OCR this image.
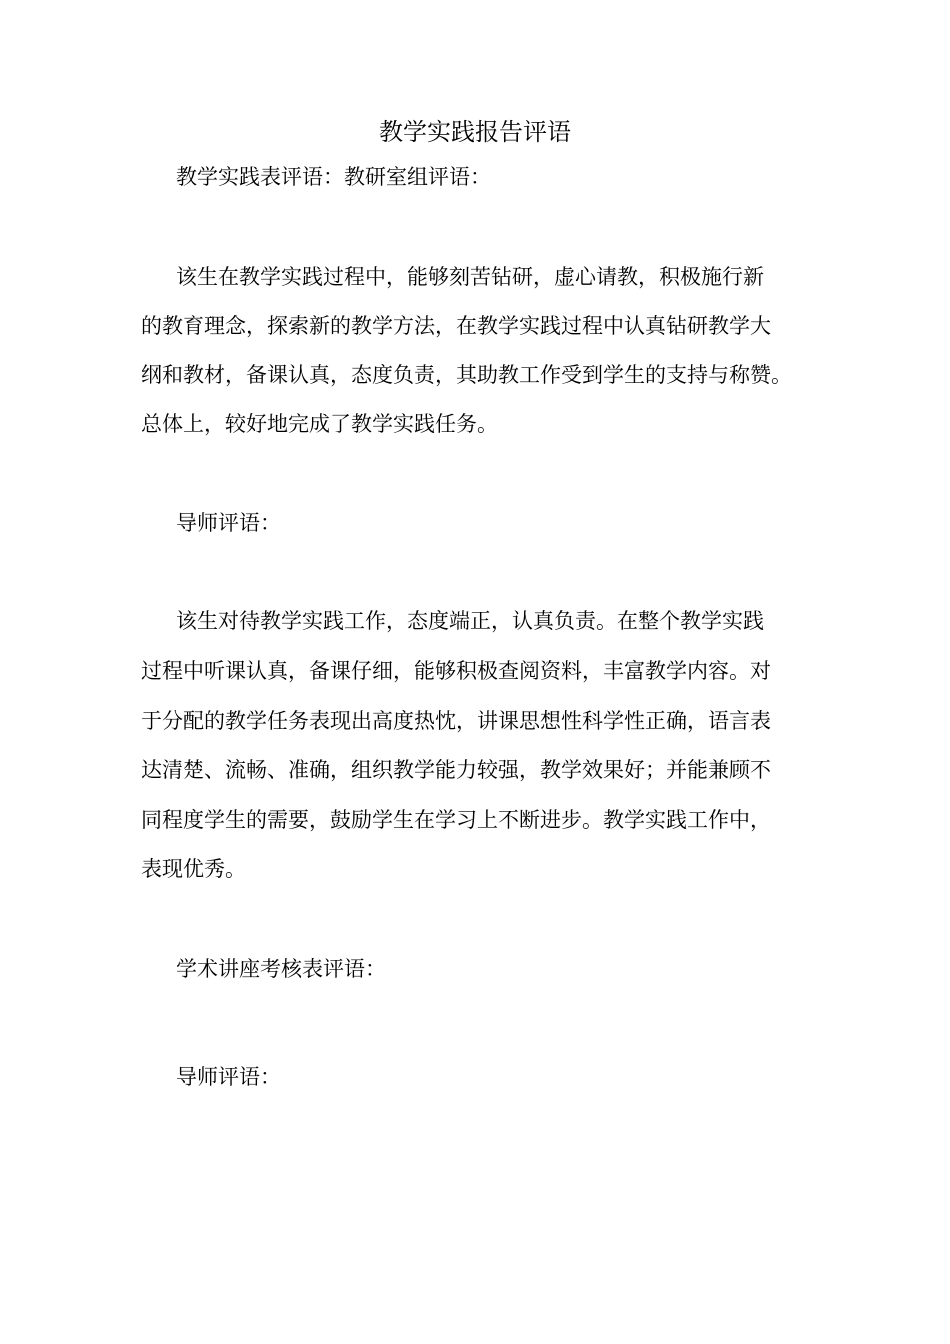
教学实践报告评语

教学实践表评语：教研室组评语：

该生在教学实践过程中，能够刻苦钻研，虚心请教，积极施行新

的教育理念，探索新的教学方法，在教学实践过程中认真钻研教学大

纲和教材，备课认真，态度负责，其助教工作受到学生的支持与称赞。

总体上，较好地完成了教学实践任务。

导师评语：

该生对待教学实践工作，态度端正，认真负责。在整个教学实践

过程中听课认真，备课仔细，能够积极查阅资料，丰富教学内容。对

于分配的教学任务表现出高度热忱，讲课思想性科学性正确，语言表

达清楚、流畅、准确，组织教学能力较强，教学效果好；并能兼顾不

同程度学生的需要，鼓励学生在学习上不断进步。教学实践工作中，

表现优秀。

学术讲座考核表评语：

导师评语：
